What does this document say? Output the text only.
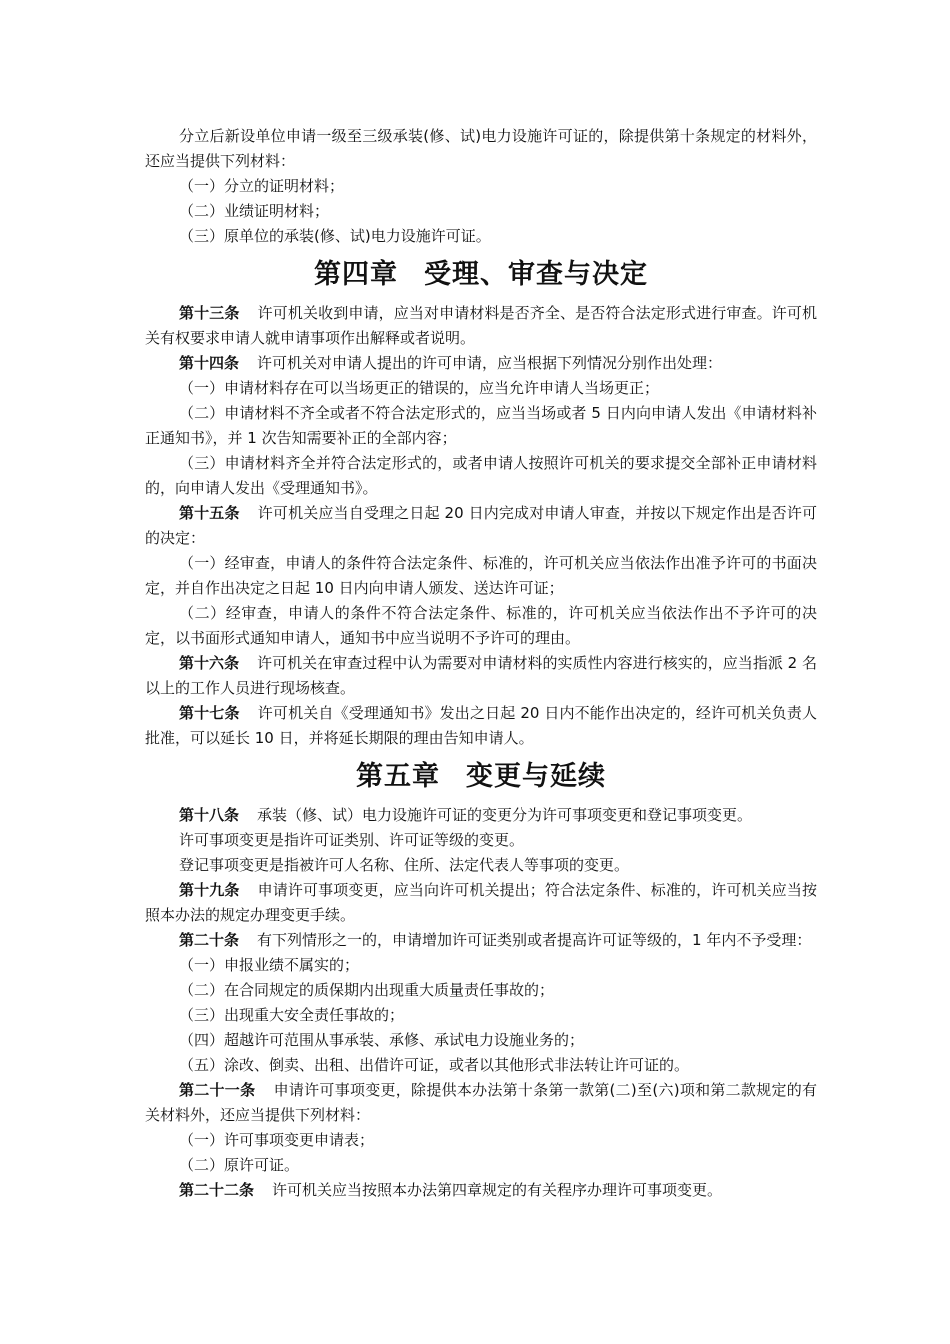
分立后新设单位申请一级至三级承装(修、试)电力设施许可证的，除提供第十条规定的材料外，还应当提供下列材料：

（一）分立的证明材料；

（二）业绩证明材料；

（三）原单位的承装(修、试)电力设施许可证。

第四章 受理、审查与决定

第十三条 许可机关收到申请，应当对申请材料是否齐全、是否符合法定形式进行审查。许可机关有权要求申请人就申请事项作出解释或者说明。

第十四条 许可机关对申请人提出的许可申请，应当根据下列情况分别作出处理：

（一）申请材料存在可以当场更正的错误的，应当允许申请人当场更正；

（二）申请材料不齐全或者不符合法定形式的，应当当场或者 5 日内向申请人发出《申请材料补正通知书》，并 1 次告知需要补正的全部内容；

（三）申请材料齐全并符合法定形式的，或者申请人按照许可机关的要求提交全部补正申请材料的，向申请人发出《受理通知书》。

第十五条 许可机关应当自受理之日起 20 日内完成对申请人审查，并按以下规定作出是否许可的决定：

（一）经审查，申请人的条件符合法定条件、标准的，许可机关应当依法作出准予许可的书面决定，并自作出决定之日起 10 日内向申请人颁发、送达许可证；

（二）经审查，申请人的条件不符合法定条件、标准的，许可机关应当依法作出不予许可的决定，以书面形式通知申请人，通知书中应当说明不予许可的理由。

第十六条 许可机关在审查过程中认为需要对申请材料的实质性内容进行核实的，应当指派 2 名以上的工作人员进行现场核查。

第十七条 许可机关自《受理通知书》发出之日起 20 日内不能作出决定的，经许可机关负责人批准，可以延长 10 日，并将延长期限的理由告知申请人。

第五章 变更与延续

第十八条 承装（修、试）电力设施许可证的变更分为许可事项变更和登记事项变更。

许可事项变更是指许可证类别、许可证等级的变更。

登记事项变更是指被许可人名称、住所、法定代表人等事项的变更。

第十九条 申请许可事项变更，应当向许可机关提出；符合法定条件、标准的，许可机关应当按照本办法的规定办理变更手续。

第二十条 有下列情形之一的，申请增加许可证类别或者提高许可证等级的，1 年内不予受理：

（一）申报业绩不属实的；

（二）在合同规定的质保期内出现重大质量责任事故的；

（三）出现重大安全责任事故的；

（四）超越许可范围从事承装、承修、承试电力设施业务的；

（五）涂改、倒卖、出租、出借许可证，或者以其他形式非法转让许可证的。

第二十一条 申请许可事项变更，除提供本办法第十条第一款第(二)至(六)项和第二款规定的有关材料外，还应当提供下列材料：

（一）许可事项变更申请表；

（二）原许可证。

第二十二条 许可机关应当按照本办法第四章规定的有关程序办理许可事项变更。
